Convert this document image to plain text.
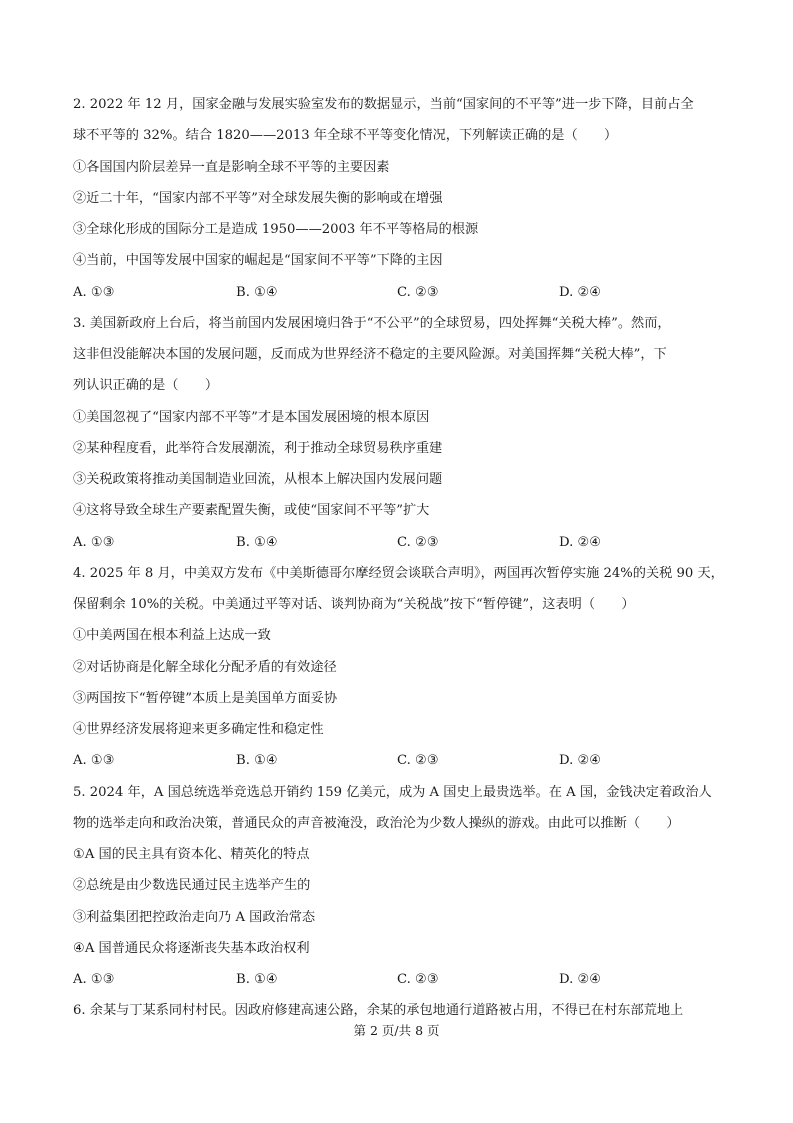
2. 2022 年 12 月，国家金融与发展实验室发布的数据显示，当前“国家间的不平等”进一步下降，目前占全
球不平等的 32%。结合 1820——2013 年全球不平等变化情况，下列解读正确的是（　　）
①各国国内阶层差异一直是影响全球不平等的主要因素
②近二十年，“国家内部不平等”对全球发展失衡的影响或在增强
③全球化形成的国际分工是造成 1950——2003 年不平等格局的根源
④当前，中国等发展中国家的崛起是“国家间不平等”下降的主因
A. ①③	B. ①④	C. ②③	D. ②④
3. 美国新政府上台后，将当前国内发展困境归咎于“不公平”的全球贸易，四处挥舞“关税大棒”。然而，
这非但没能解决本国的发展问题，反而成为世界经济不稳定的主要风险源。对美国挥舞“关税大棒”，下
列认识正确的是（　　）
①美国忽视了“国家内部不平等”才是本国发展困境的根本原因
②某种程度看，此举符合发展潮流，利于推动全球贸易秩序重建
③关税政策将推动美国制造业回流，从根本上解决国内发展问题
④这将导致全球生产要素配置失衡，或使“国家间不平等”扩大
A. ①③	B. ①④	C. ②③	D. ②④
4. 2025 年 8 月，中美双方发布《中美斯德哥尔摩经贸会谈联合声明》，两国再次暂停实施 24%的关税 90 天，
保留剩余 10%的关税。中美通过平等对话、谈判协商为“关税战”按下“暂停键”，这表明（　　）
①中美两国在根本利益上达成一致
②对话协商是化解全球化分配矛盾的有效途径
③两国按下“暂停键”本质上是美国单方面妥协
④世界经济发展将迎来更多确定性和稳定性
A. ①③	B. ①④	C. ②③	D. ②④
5. 2024 年，A 国总统选举竞选总开销约 159 亿美元，成为 A 国史上最贵选举。在 A 国，金钱决定着政治人
物的选举走向和政治决策，普通民众的声音被淹没，政治沦为少数人操纵的游戏。由此可以推断（　　）
①A 国的民主具有资本化、精英化的特点
②总统是由少数选民通过民主选举产生的
③利益集团把控政治走向乃 A 国政治常态
④A 国普通民众将逐渐丧失基本政治权利
A. ①③	B. ①④	C. ②③	D. ②④
6. 余某与丁某系同村村民。因政府修建高速公路，余某的承包地通行道路被占用，不得已在村东部荒地上
第 2 页/共 8 页
